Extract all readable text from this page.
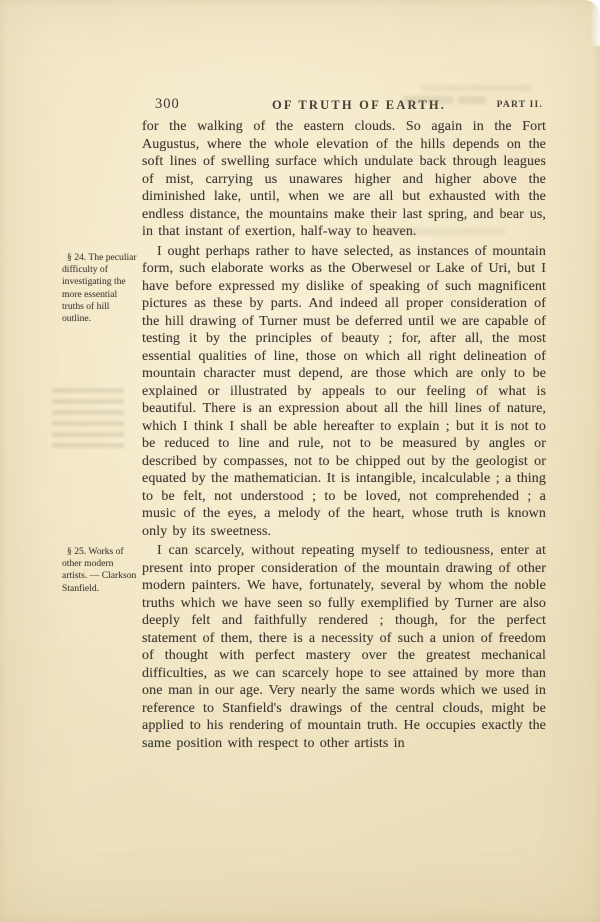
300	OF TRUTH OF EARTH.	PART II.
§ 24. The peculiar difficulty of investigating the more essential truths of hill outline.
§ 25. Works of other modern artists. — Clarkson Stanfield.

for the walking of the eastern clouds. So again in the Fort Augustus, where the whole elevation of the hills depends on the soft lines of swelling surface which undulate back through leagues of mist, carrying us unawares higher and higher above the diminished lake, until, when we are all but exhausted with the endless distance, the mountains make their last spring, and bear us, in that instant of exertion, half-way to heaven.

I ought perhaps rather to have selected, as instances of mountain form, such elaborate works as the Oberwesel or Lake of Uri, but I have before expressed my dislike of speaking of such magnificent pictures as these by parts. And indeed all proper consideration of the hill drawing of Turner must be deferred until we are capable of testing it by the principles of beauty ; for, after all, the most essential qualities of line, those on which all right delineation of mountain character must depend, are those which are only to be explained or illustrated by appeals to our feeling of what is beautiful. There is an expression about all the hill lines of nature, which I think I shall be able hereafter to explain ; but it is not to be reduced to line and rule, not to be measured by angles or described by compasses, not to be chipped out by the geologist or equated by the mathematician. It is intangible, incalculable ; a thing to be felt, not understood ; to be loved, not comprehended ; a music of the eyes, a melody of the heart, whose truth is known only by its sweetness.

I can scarcely, without repeating myself to tediousness, enter at present into proper consideration of the mountain drawing of other modern painters. We have, fortunately, several by whom the noble truths which we have seen so fully exemplified by Turner are also deeply felt and faithfully rendered ; though, for the perfect statement of them, there is a necessity of such a union of freedom of thought with perfect mastery over the greatest mechanical difficulties, as we can scarcely hope to see attained by more than one man in our age. Very nearly the same words which we used in reference to Stanfield's drawings of the central clouds, might be applied to his rendering of mountain truth. He occupies exactly the same position with respect to other artists in
